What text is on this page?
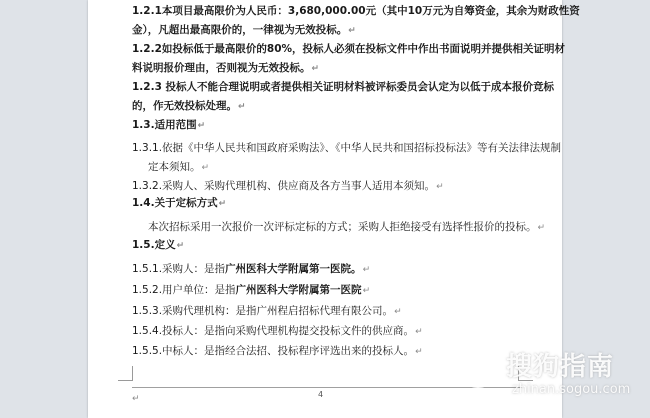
1.2.1本项目最高限价为人民币：3,680,000.00元（其中10万元为自筹资金，其余为财政性资
金），凡超出最高限价的，一律视为无效投标。↵
1.2.2如投标低于最高限价的80%，投标人必须在投标文件中作出书面说明并提供相关证明材
料说明报价理由，否则视为无效投标。↵
1.2.3 投标人不能合理说明或者提供相关证明材料被评标委员会认定为以低于成本报价竞标
的，作无效投标处理。↵
1.3.适用范围↵
1.3.1.依据《中华人民共和国政府采购法》、《中华人民共和国招标投标法》等有关法律法规制
定本须知。↵
1.3.2.采购人、采购代理机构、供应商及各方当事人适用本须知。↵
1.4.关于定标方式↵
本次招标采用一次报价一次评标定标的方式；采购人拒绝接受有选择性报价的投标。↵
1.5.定义↵
1.5.1.采购人：是指广州医科大学附属第一医院。↵
1.5.2.用户单位：是指广州医科大学附属第一医院↵
1.5.3.采购代理机构：是指广州程启招标代理有限公司。↵
1.5.4.投标人：是指向采购代理机构提交投标文件的供应商。↵
1.5.5.中标人：是指经合法招、投标程序评选出来的投标人。↵
4
↵
搜狗指南
zhinan.sogou.com
